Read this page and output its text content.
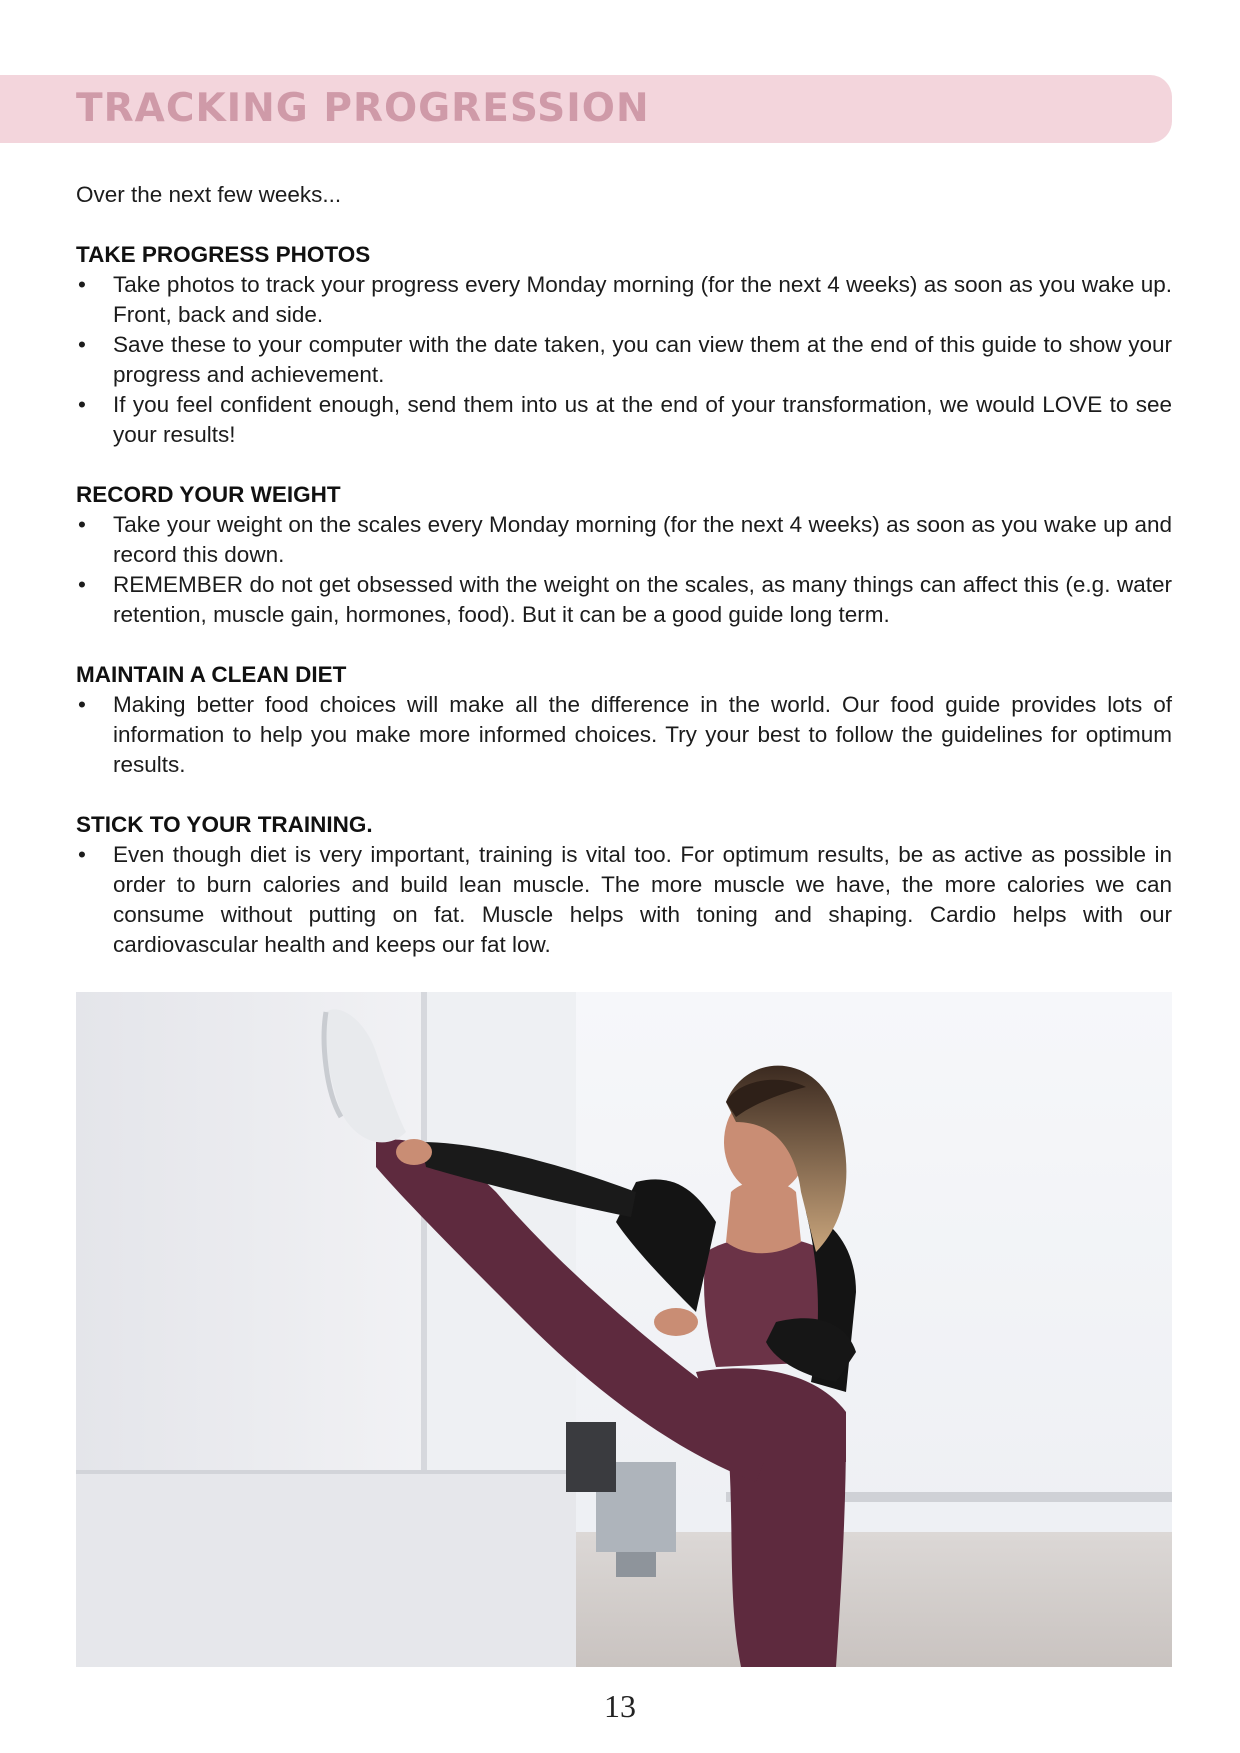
TRACKING PROGRESSION

Over the next few weeks...

TAKE PROGRESS PHOTOS

• Take photos to track your progress every Monday morning (for the next 4 weeks) as soon as you wake up. Front, back and side.
• Save these to your computer with the date taken, you can view them at the end of this guide to show your progress and achievement.
• If you feel confident enough, send them into us at the end of your transformation, we would LOVE to see your results!

RECORD YOUR WEIGHT

• Take your weight on the scales every Monday morning (for the next 4 weeks) as soon as you wake up and record this down.
• REMEMBER do not get obsessed with the weight on the scales, as many things can affect this (e.g. water retention, muscle gain, hormones, food). But it can be a good guide long term.

MAINTAIN A CLEAN DIET

• Making better food choices will make all the difference in the world. Our food guide provides lots of information to help you make more informed choices. Try your best to follow the guidelines for optimum results.

STICK TO YOUR TRAINING.

• Even though diet is very important, training is vital too. For optimum results, be as active as possible in order to burn calories and build lean muscle. The more muscle we have, the more calories we can consume without putting on fat. Muscle helps with toning and shaping. Cardio helps with our cardiovascular health and keeps our fat low.
13
